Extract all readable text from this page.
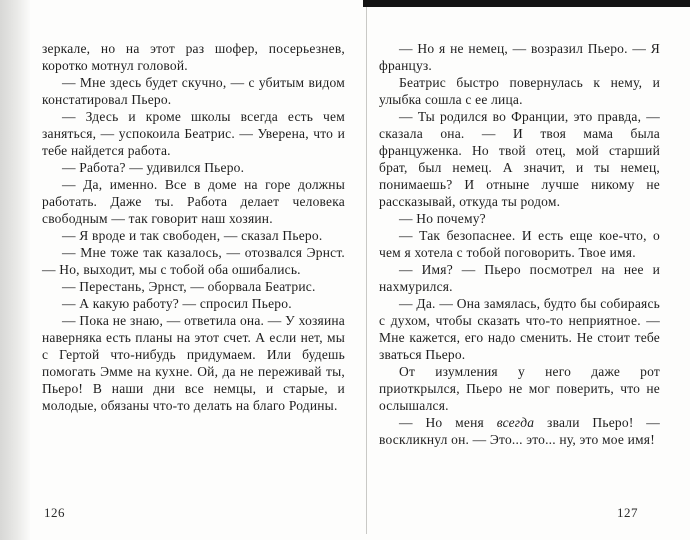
зеркале, но на этот раз шофер, посерьезнев, коротко мотнул головой.

— Мне здесь будет скучно, — с убитым видом констатировал Пьеро.

— Здесь и кроме школы всегда есть чем заняться, — успокоила Беатрис. — Уверена, что и тебе найдется работа.

— Работа? — удивился Пьеро.

— Да, именно. Все в доме на горе должны работать. Даже ты. Работа делает человека свободным — так говорит наш хозяин.

— Я вроде и так свободен, — сказал Пьеро.

— Мне тоже так казалось, — отозвался Эрнст. — Но, выходит, мы с тобой оба ошибались.

— Перестань, Эрнст, — оборвала Беатрис.

— А какую работу? — спросил Пьеро.

— Пока не знаю, — ответила она. — У хозяина наверняка есть планы на этот счет. А если нет, мы с Гертой что-нибудь придумаем. Или будешь помогать Эмме на кухне. Ой, да не переживай ты, Пьеро! В наши дни все немцы, и старые, и молодые, обязаны что-то делать на благо Родины.

126

— Но я не немец, — возразил Пьеро. — Я француз.

Беатрис быстро повернулась к нему, и улыбка сошла с ее лица.

— Ты родился во Франции, это правда, — сказала она. — И твоя мама была француженка. Но твой отец, мой старший брат, был немец. А значит, и ты немец, понимаешь? И отныне лучше никому не рассказывай, откуда ты родом.

— Но почему?

— Так безопаснее. И есть еще кое-что, о чем я хотела с тобой поговорить. Твое имя.

— Имя? — Пьеро посмотрел на нее и нахмурился.

— Да. — Она замялась, будто бы собираясь с духом, чтобы сказать что-то неприятное. — Мне кажется, его надо сменить. Не стоит тебе зваться Пьеро.

От изумления у него даже рот приоткрылся, Пьеро не мог поверить, что не ослышался.

— Но меня всегда звали Пьеро! — воскликнул он. — Это... это... ну, это мое имя!

127
